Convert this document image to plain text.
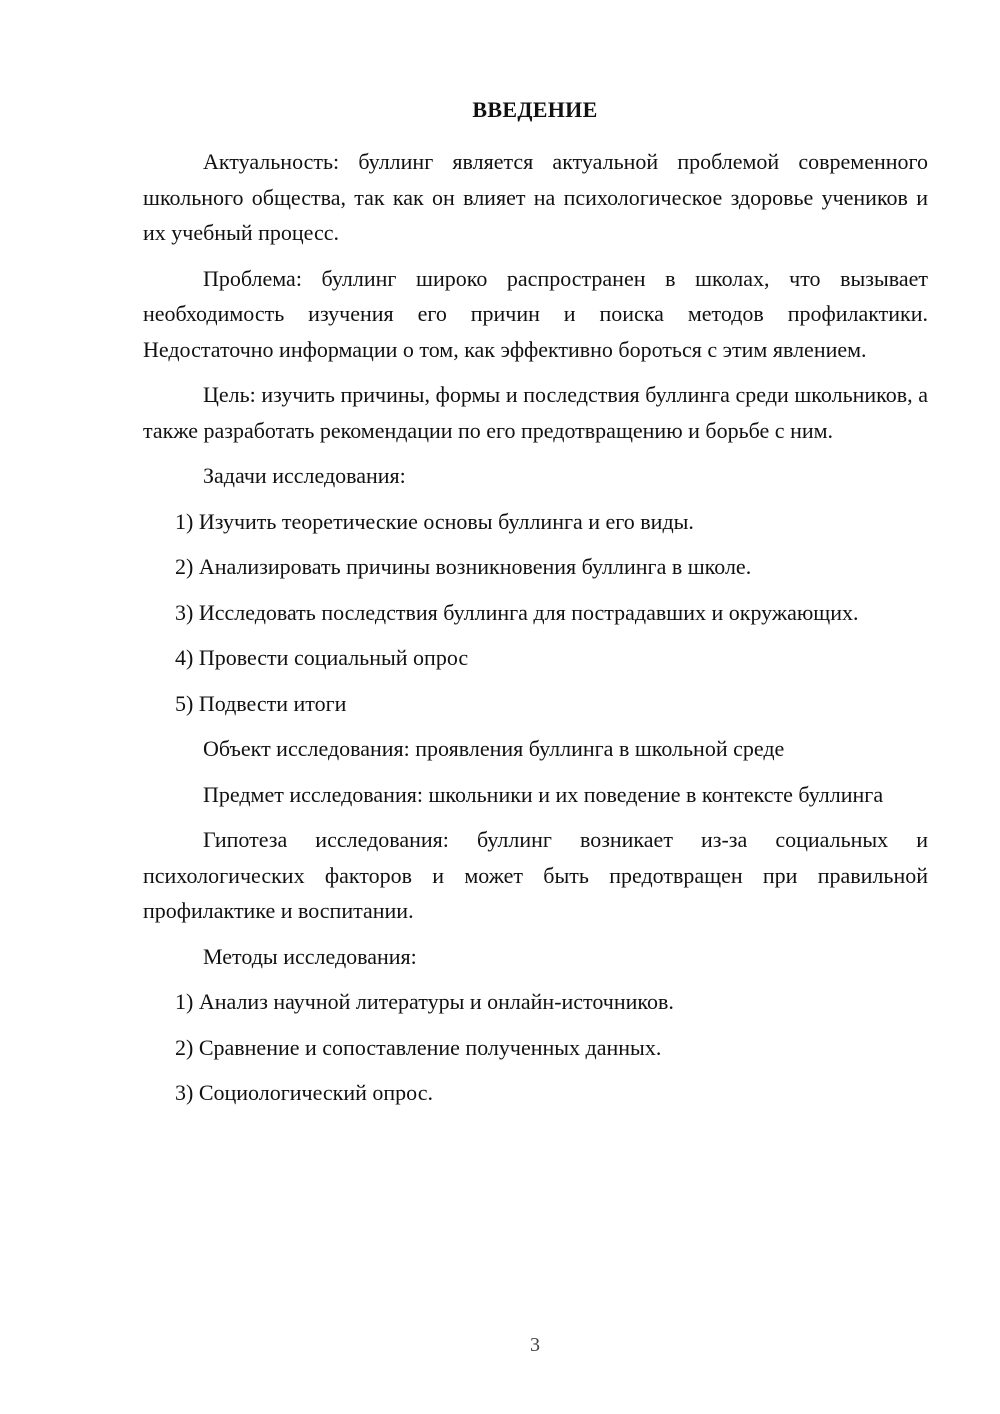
ВВЕДЕНИЕ

Актуальность: буллинг является актуальной проблемой современного школьного общества, так как он влияет на психологическое здоровье учеников и их учебный процесс.

Проблема: буллинг широко распространен в школах, что вызывает необходимость изучения его причин и поиска методов профилактики. Недостаточно информации о том, как эффективно бороться с этим явлением.

Цель: изучить причины, формы и последствия буллинга среди школьников, а также разработать рекомендации по его предотвращению и борьбе с ним.

Задачи исследования:

1) Изучить теоретические основы буллинга и его виды.

2) Анализировать причины возникновения буллинга в школе.

3) Исследовать последствия буллинга для пострадавших и окружающих.

4) Провести социальный опрос

5) Подвести итоги

Объект исследования: проявления буллинга в школьной среде

Предмет исследования: школьники и их поведение в контексте буллинга

Гипотеза исследования: буллинг возникает из-за социальных и психологических факторов и может быть предотвращен при правильной профилактике и воспитании.

Методы исследования:

1) Анализ научной литературы и онлайн-источников.

2) Сравнение и сопоставление полученных данных.

3) Социологический опрос.

3
